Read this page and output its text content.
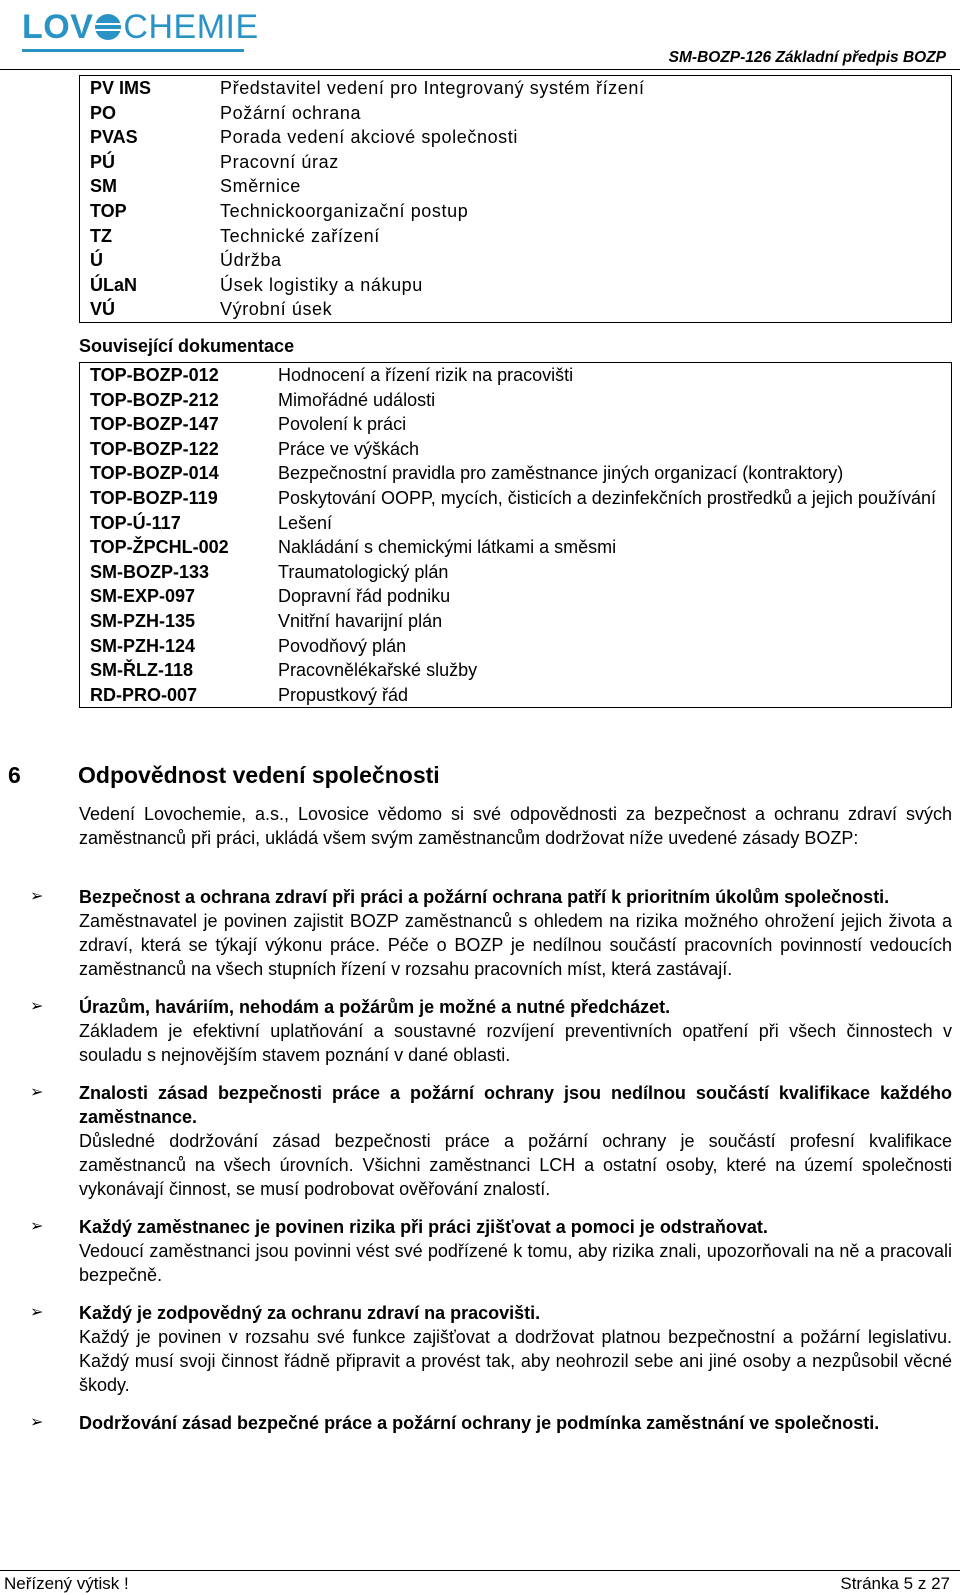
LOV CHEMIE
SM-BOZP-126 Základní předpis BOZP
PV IMS	Představitel vedení pro Integrovaný systém řízení
PO	Požární ochrana
PVAS	Porada vedení akciové společnosti
PÚ	Pracovní úraz
SM	Směrnice
TOP	Technickoorganizační postup
TZ	Technické zařízení
Ú	Údržba
ÚLaN	Úsek logistiky a nákupu
VÚ	Výrobní úsek
Související dokumentace
TOP-BOZP-012	Hodnocení a řízení rizik na pracovišti
TOP-BOZP-212	Mimořádné události
TOP-BOZP-147	Povolení k práci
TOP-BOZP-122	Práce ve výškách
TOP-BOZP-014	Bezpečnostní pravidla pro zaměstnance jiných organizací (kontraktory)
TOP-BOZP-119	Poskytování OOPP, mycích, čisticích a dezinfekčních prostředků a jejich používání
TOP-Ú-117	Lešení
TOP-ŽPCHL-002	Nakládání s chemickými látkami a směsmi
SM-BOZP-133	Traumatologický plán
SM-EXP-097	Dopravní řád podniku
SM-PZH-135	Vnitřní havarijní plán
SM-PZH-124	Povodňový plán
SM-ŘLZ-118	Pracovnělékařské služby
RD-PRO-007	Propustkový řád
6 Odpovědnost vedení společnosti
Vedení Lovochemie, a.s., Lovosice vědomo si své odpovědnosti za bezpečnost a ochranu zdraví svých zaměstnanců při práci, ukládá všem svým zaměstnancům dodržovat níže uvedené zásady BOZP:
➢ Bezpečnost a ochrana zdraví při práci a požární ochrana patří k prioritním úkolům společnosti.
Zaměstnavatel je povinen zajistit BOZP zaměstnanců s ohledem na rizika možného ohrožení jejich života a zdraví, která se týkají výkonu práce. Péče o BOZP je nedílnou součástí pracovních povinností vedoucích zaměstnanců na všech stupních řízení v rozsahu pracovních míst, která zastávají.
➢ Úrazům, haváriím, nehodám a požárům je možné a nutné předcházet.
Základem je efektivní uplatňování a soustavné rozvíjení preventivních opatření při všech činnostech v souladu s nejnovějším stavem poznání v dané oblasti.
➢ Znalosti zásad bezpečnosti práce a požární ochrany jsou nedílnou součástí kvalifikace každého zaměstnance.
Důsledné dodržování zásad bezpečnosti práce a požární ochrany je součástí profesní kvalifikace zaměstnanců na všech úrovních. Všichni zaměstnanci LCH a ostatní osoby, které na území společnosti vykonávají činnost, se musí podrobovat ověřování znalostí.
➢ Každý zaměstnanec je povinen rizika při práci zjišťovat a pomoci je odstraňovat.
Vedoucí zaměstnanci jsou povinni vést své podřízené k tomu, aby rizika znali, upozorňovali na ně a pracovali bezpečně.
➢ Každý je zodpovědný za ochranu zdraví na pracovišti.
Každý je povinen v rozsahu své funkce zajišťovat a dodržovat platnou bezpečnostní a požární legislativu. Každý musí svoji činnost řádně připravit a provést tak, aby neohrozil sebe ani jiné osoby a nezpůsobil věcné škody.
➢ Dodržování zásad bezpečné práce a požární ochrany je podmínka zaměstnání ve společnosti.
Neřízený výtisk !	Stránka 5 z 27
